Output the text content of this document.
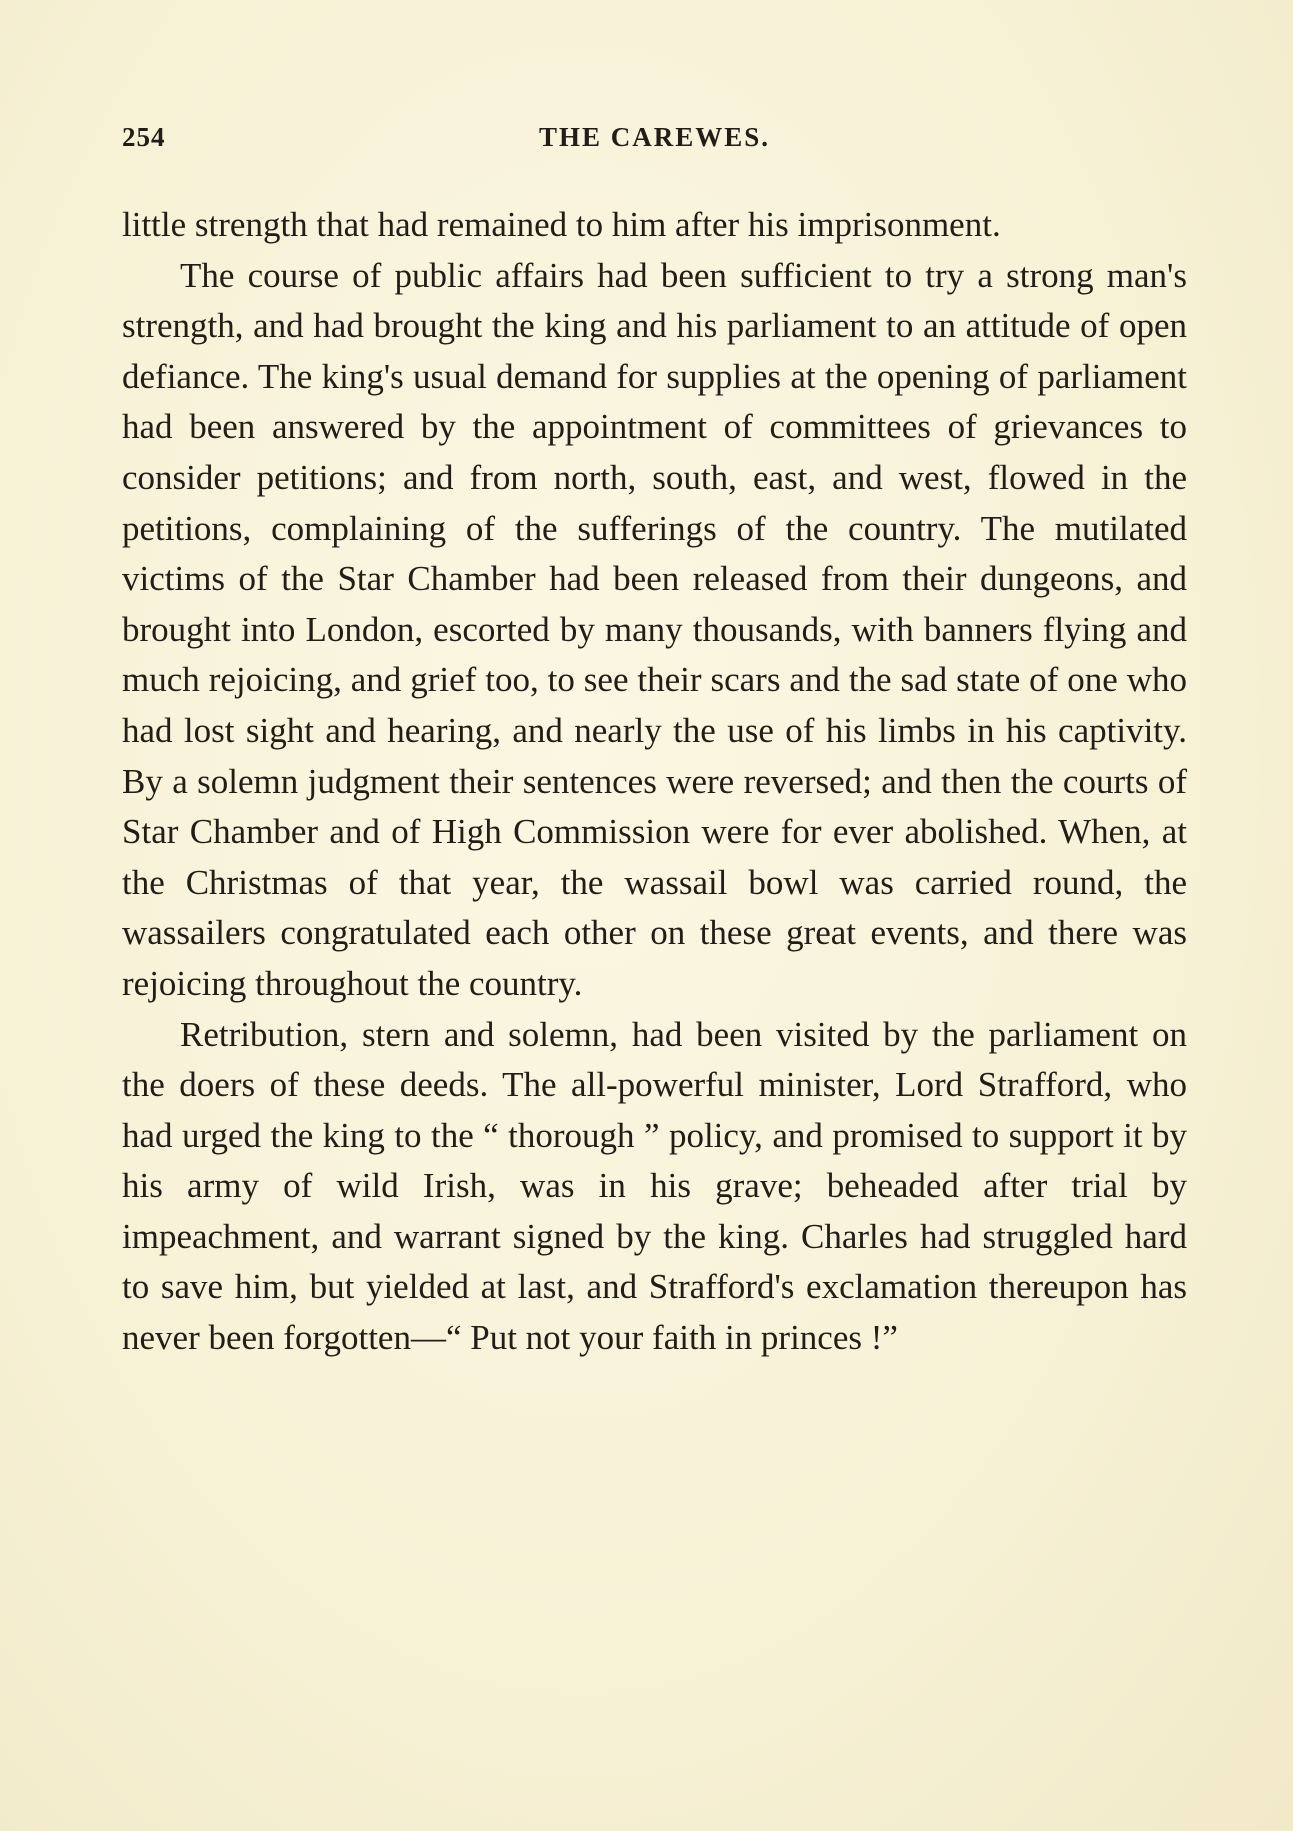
254	THE CAREWES.

little strength that had remained to him after his imprisonment.

The course of public affairs had been sufficient to try a strong man's strength, and had brought the king and his parliament to an attitude of open defiance. The king's usual demand for supplies at the opening of parliament had been answered by the appointment of committees of grievances to consider petitions; and from north, south, east, and west, flowed in the petitions, complaining of the sufferings of the country. The mutilated victims of the Star Chamber had been released from their dungeons, and brought into London, escorted by many thousands, with banners flying and much rejoicing, and grief too, to see their scars and the sad state of one who had lost sight and hearing, and nearly the use of his limbs in his captivity. By a solemn judgment their sentences were reversed; and then the courts of Star Chamber and of High Commission were for ever abolished. When, at the Christmas of that year, the wassail bowl was carried round, the wassailers congratulated each other on these great events, and there was rejoicing throughout the country.

Retribution, stern and solemn, had been visited by the parliament on the doers of these deeds. The all-powerful minister, Lord Strafford, who had urged the king to the “ thorough ” policy, and promised to support it by his army of wild Irish, was in his grave; beheaded after trial by impeachment, and warrant signed by the king. Charles had struggled hard to save him, but yielded at last, and Strafford's exclamation thereupon has never been forgotten—“ Put not your faith in princes !”
